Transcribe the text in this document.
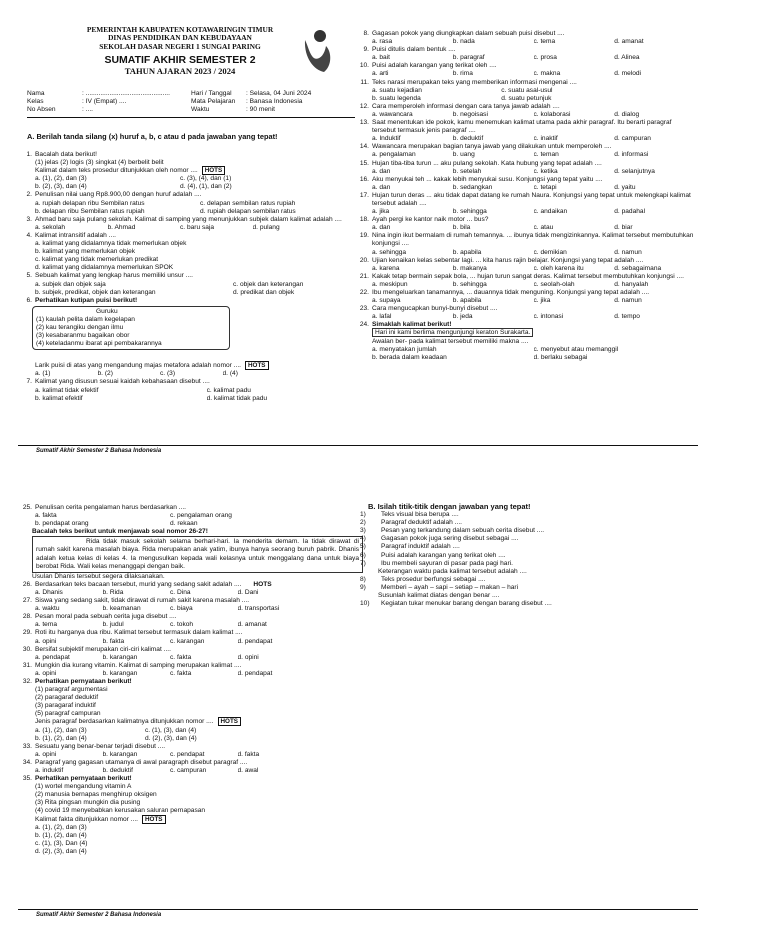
PEMERINTAH KABUPATEN KOTAWARINGIN TIMUR
DINAS PENDIDIKAN DAN KEBUDAYAAN
SEKOLAH DASAR NEGERI 1 SUNGAI PARING
SUMATIF AKHIR SEMESTER 2
TAHUN AJARAN 2023 / 2024
Nama	: ..............................................
Kelas	: IV (Empat) ....
No Absen	: ....
Hari / Tanggal	: Selasa, 04 Juni 2024
Mata Pelajaran	: Banasa Indonesia
Waktu	: 90 menit
A. Berilah tanda silang (x) huruf a, b, c atau d pada jawaban yang tepat!
1. Bacalah data berikut!
(1) jelas (2) logis (3) singkat (4) berbelit belit
Kalimat dalam teks prosedur ditunjukkan oleh nomor .... HOTS
a. (1), (2), dan (3)	c. (3), (4), dan (1)
b. (2), (3), dan (4)	d. (4), (1), dan (2)
2. Penulisan nilai uang Rp8.900,00 dengan huruf adalah ....
a. rupiah delapan ribu Sembilan ratus	c. delapan sembilan ratus rupiah
b. delapan ribu Sembilan ratus rupiah	d. rupiah delapan sembilan ratus
3. Ahmad baru saja pulang sekolah. Kalimat di samping yang menunjukkan subjek dalam kalimat adalah ....
a. sekolah	b. Ahmad	c. baru saja	d. pulang
4. Kalimat intransitif adalah ....
a. kalimat yang didalamnya tidak memerlukan objek
b. kalimat yang memerlukan objek
c. kalimat yang tidak memerlukan predikat
d. kalimat yang didalamnya memerlukan SPOK
5. Sebuah kalimat yang lengkap harus memiliki unsur ....
a. subjek dan objek saja	c. objek dan keterangan
b. subjek, predikat, objek dan keterangan	d. predikat dan objek
6. Perhatikan kutipan puisi berikut!
Guruku
(1) kaulah pelita dalam kegelapan
(2) kau terangiku dengan ilmu
(3) kesabaranmu bagaikan obor
(4) keteladanmu ibarat api pembakarannya
Larik puisi di atas yang mengandung majas metafora adalah nomor .... HOTS
a. (1)	b. (2)	c. (3)	d. (4)
7. Kalimat yang disusun sesuai kaidah kebahasaan disebut ....
a. kalimat tidak efektif	c. kalimat padu
b. kalimat efektif	d. kalimat tidak padu
8. Gagasan pokok yang diungkapkan dalam sebuah puisi disebut ....
a. rasa	b. nada	c. tema	d. amanat
9. Puisi ditulis dalam bentuk ....
a. bait	b. paragraf	c. prosa	d. Alinea
10. Puisi adalah karangan yang terikat oleh ....
a. arti	b. rima	c. makna	d. melodi
11. Teks narasi merupakan teks yang memberikan informasi mengenai ....
a. suatu kejadian	c. suatu asal-usul
b. suatu legenda	d. suatu petunjuk
12. Cara memperoleh informasi dengan cara tanya jawab adalah ....
a. wawancara	b. negoisasi	c. kolaborasi	d. dialog
13. Saat menentukan ide pokok, kamu menemukan kalimat utama pada akhir paragraf. Itu berarti paragraf tersebut termasuk jenis paragraf ....
a. Induktif	b. deduktif	c. inaktif	d. campuran
14. Wawancara merupakan bagian tanya jawab yang dilakukan untuk memperoleh ....
a. pengalaman	b. uang	c. teman	d. informasi
15. Hujan tiba-tiba turun ... aku pulang sekolah. Kata hubung yang tepat adalah ....
a. dan	b. setelah	c. ketika	d. selanjutnya
16. Aku menyukai teh ... kakak lebih menyukai susu. Konjungsi yang tepat yaitu ....
a. dan	b. sedangkan	c. tetapi	d. yaitu
17. Hujan turun deras ... aku tidak dapat datang ke rumah Naura. Konjungsi yang tepat untuk melengkapi kalimat tersebut adalah ....
a. jika	b. sehingga	c. andaikan	d. padahal
18. Ayah pergi ke kantor naik motor ... bus?
a. dan	b. bila	c. atau	d. biar
19. Nina ingin ikut bermalam di rumah temannya. ... ibunya tidak mengizinkannya. Kalimat tersebut membutuhkan konjungsi ....
a. sehingga	b. apabila	c. demikian	d. namun
20. Ujian kenaikan kelas sebentar lagi. ... kita harus rajin belajar. Konjungsi yang tepat adalah ....
a. karena	b. makanya	c. oleh karena itu	d. sebagaimana
21. Kakak tetap bermain sepak bola, ... hujan turun sangat deras. Kalimat tersebut membutuhkan konjungsi ....
a. meskipun	b. sehingga	c. seolah-olah	d. hanyalah
22. Ibu mengeluarkan tanamannya, ... dauannya tidak menguning. Konjungsi yang tepat adalah ....
a. supaya	b. apabila	c. jika	d. namun
23. Cara mengucapkan bunyi-bunyi disebut ....
a. lafal	b. jeda	c. intonasi	d. tempo
24. Simaklah kalimat berikut!
Hari ini kami berlima mengunjungi keraton Surakarta.
Awalan ber- pada kalimat tersebut memiliki makna ....
a. menyatakan jumlah	c. menyebut atau memanggil
b. berada dalam keadaan	d. berlaku sebagai
Sumatif Akhir Semester 2 Bahasa Indonesia
25. Penulisan cerita pengalaman harus berdasarkan ....
a. fakta	c. pengalaman orang
b. pendapat orang	d. rekaan
Bacalah teks berikut untuk menjawab soal nomor 26-27!
Rida tidak masuk sekolah selama berhari-hari. Ia menderita demam. Ia tidak dirawat di rumah sakit karena masalah biaya. Rida merupakan anak yatim, ibunya hanya seorang buruh pabrik. Dhanis adalah ketua kelas di kelas 4. Ia mengusulkan kepada wali kelasnya untuk menggalang dana untuk biaya berobat Rida. Wali kelas menanggapi dengan baik.
Usulan Dhanis tersebut segera dilaksanakan.
26. Berdasarkan teks bacaan tersebut, murid yang sedang sakit adalah .... HOTS
a. Dhanis	b. Rida	c. Dina	d. Dani
27. Siswa yang sedang sakit, tidak dirawat di rumah sakit karena masalah ....
a. waktu	b. keamanan	c. biaya	d. transportasi
28. Pesan moral pada sebuah cerita juga disebut ....
a. tema	b. judul	c. tokoh	d. amanat
29. Roti itu harganya dua ribu. Kalimat tersebut termasuk dalam kalimat ....
a. opini	b. fakta	c. karangan	d. pendapat
30. Bersifat subjektif merupakan ciri-ciri kalimat ....
a. pendapat	b. karangan	c. fakta	d. opini
31. Mungkin dia kurang vitamin. Kalimat di samping merupakan kalimat ....
a. opini	b. karangan	c. fakta	d. pendapat
32. Perhatikan pernyataan berikut!
(1) paragraf argumentasi
(2) paragaraf deduktif
(3) paragaraf induktif
(5) paragraf campuran
Jenis paragraf berdasarkan kalimatnya ditunjukkan nomor .... HOTS
a. (1), (2), dan (3)	c. (1), (3), dan (4)
b. (1), (2), dan (4)	d. (2), (3), dan (4)
33. Sesuatu yang benar-benar terjadi disebut ....
a. opini	b. karangan	c. pendapat	d. fakta
34. Paragraf yang gagasan utamanya di awal paragraph disebut paragraf ....
a. induktif	b. deduktif	c. campuran	d. awal
35. Perhatikan pernyataan berikut!
(1) wortel mengandung vitamin A
(2) manusia bernapas menghirup oksigen
(3) Rita pingsan mungkin dia pusing
(4) covid 19 menyebabkan kerusakan saluran pernapasan
Kalimat fakta ditunjukkan nomor .... HOTS
a. (1), (2), dan (3)
b. (1), (2), dan (4)
c. (1), (3), Dan (4)
d. (2), (3), dan (4)
B. Isilah titik-titik dengan jawaban yang tepat!
1)	Teks visual bisa berupa ....
2)	Paragraf deduktif adalah ....
3)	Pesan yang terkandung dalam sebuah cerita disebut ....
4)	Gagasan pokok juga sering disebut sebagai ....
5)	Paragraf induktif adalah ....
6)	Puisi adalah karangan yang terikat oleh ....
7)	Ibu membeli sayuran di pasar pada pagi hari.
Keterangan waktu pada kalimat tersebut adalah ....
8)	Teks prosedur berfungsi sebagai ....
9)	Memberi – ayah – sapi – setiap – makan – hari
Susunlah kalimat diatas dengan benar ....
10)	Kegiatan tukar menukar barang dengan barang disebut ....
Sumatif Akhir Semester 2 Bahasa Indonesia
